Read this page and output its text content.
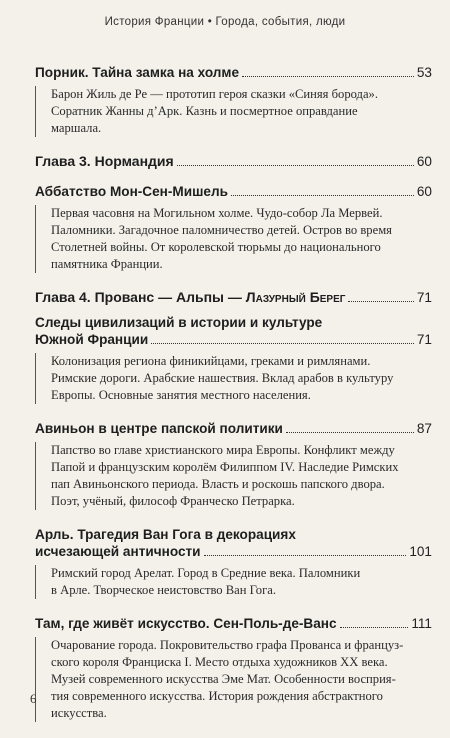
История Франции • Города, события, люди
Порник. Тайна замка на холме	53
Барон Жиль де Ре — прототип героя сказки «Синяя борода».
Соратник Жанны д’Арк. Казнь и посмертное оправдание
маршала.
Глава 3. Нормандия	60
Аббатство Мон-Сен-Мишель	60
Первая часовня на Могильном холме. Чудо-собор Ла Мервей.
Паломники. Загадочное паломничество детей. Остров во время
Столетней войны. От королевской тюрьмы до национального
памятника Франции.
Глава 4. Прованс — Альпы — Лазурный Берег	71
Следы цивилизаций в истории и культуре
Южной Франции	71
Колонизация региона финикийцами, греками и римлянами.
Римские дороги. Арабские нашествия. Вклад арабов в культуру
Европы. Основные занятия местного населения.
Авиньон в центре папской политики	87
Папство во главе христианского мира Европы. Конфликт между
Папой и французским королём Филиппом IV. Наследие Римских
пап Авиньонского периода. Власть и роскошь папского двора.
Поэт, учёный, философ Франческо Петрарка.
Арль. Трагедия Ван Гога в декорациях
исчезающей античности	101
Римский город Арелат. Город в Средние века. Паломники
в Арле. Творческое неистовство Ван Гога.
Там, где живёт искусство. Сен-Поль-де-Ванс	111
Очарование города. Покровительство графа Прованса и француз-
ского короля Франциска I. Место отдыха художников XX века.
Музей современного искусства Эме Мат. Особенности восприя-
тия современного искусства. История рождения абстрактного
искусства.
6
